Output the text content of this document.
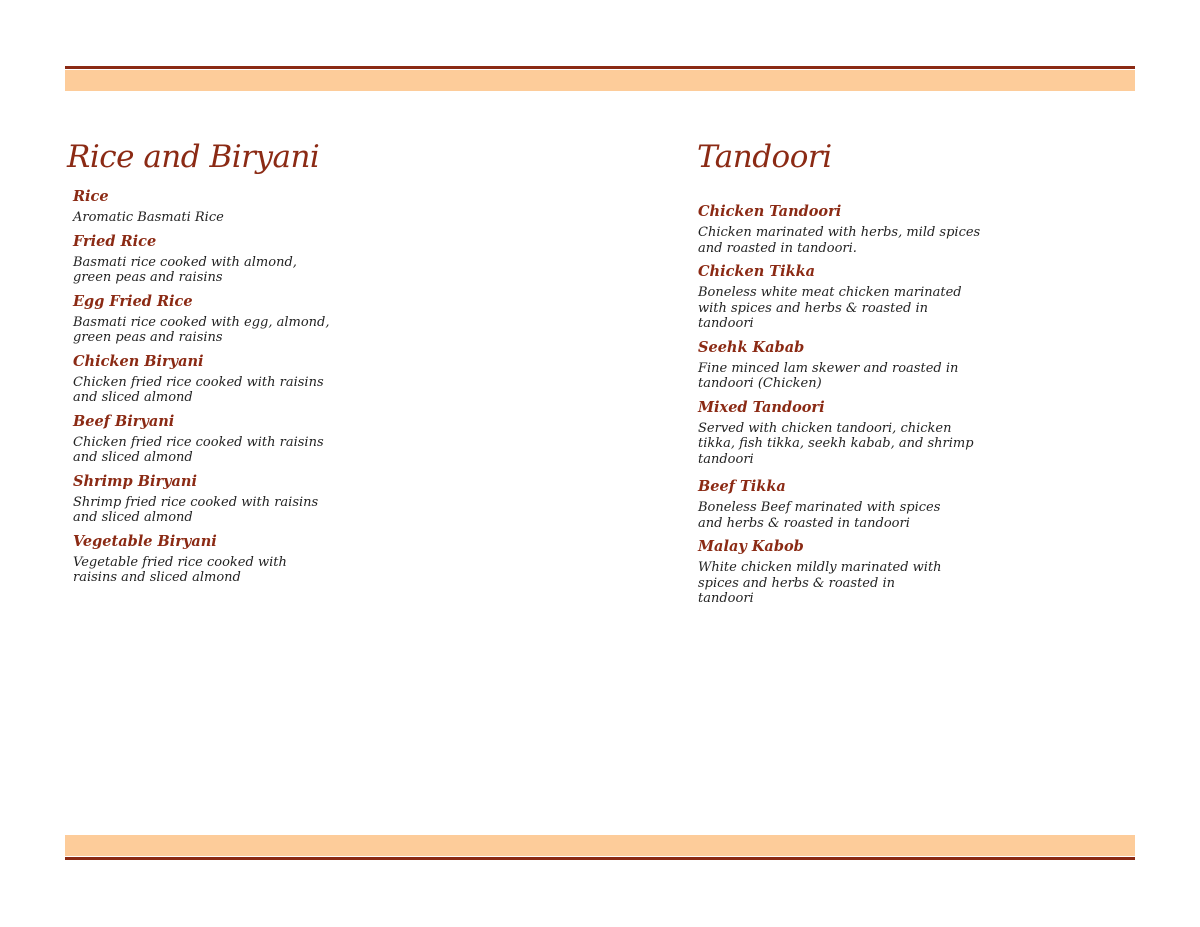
Rice and Biryani
Rice
Aromatic Basmati Rice
Fried Rice
Basmati rice cooked with almond,
green peas and raisins
Egg Fried Rice
Basmati rice cooked with egg, almond,
green peas and raisins
Chicken Biryani
Chicken fried rice cooked with raisins
and sliced almond
Beef Biryani
Chicken fried rice cooked with raisins
and sliced almond
Shrimp Biryani
Shrimp fried rice cooked with raisins
and sliced almond
Vegetable Biryani
Vegetable fried rice cooked with
raisins and sliced almond
Tandoori
Chicken Tandoori
Chicken marinated with herbs, mild spices
and roasted in tandoori.
Chicken Tikka
Boneless white meat chicken marinated
with spices and herbs & roasted in
tandoori
Seehk Kabab
Fine minced lam skewer and roasted in
tandoori (Chicken)
Mixed Tandoori
Served with chicken tandoori, chicken
tikka, fish tikka, seekh kabab, and shrimp
tandoori
Beef Tikka
Boneless Beef marinated with spices
and herbs & roasted in tandoori
Malay Kabob
White chicken mildly marinated with
spices and herbs & roasted in
tandoori
